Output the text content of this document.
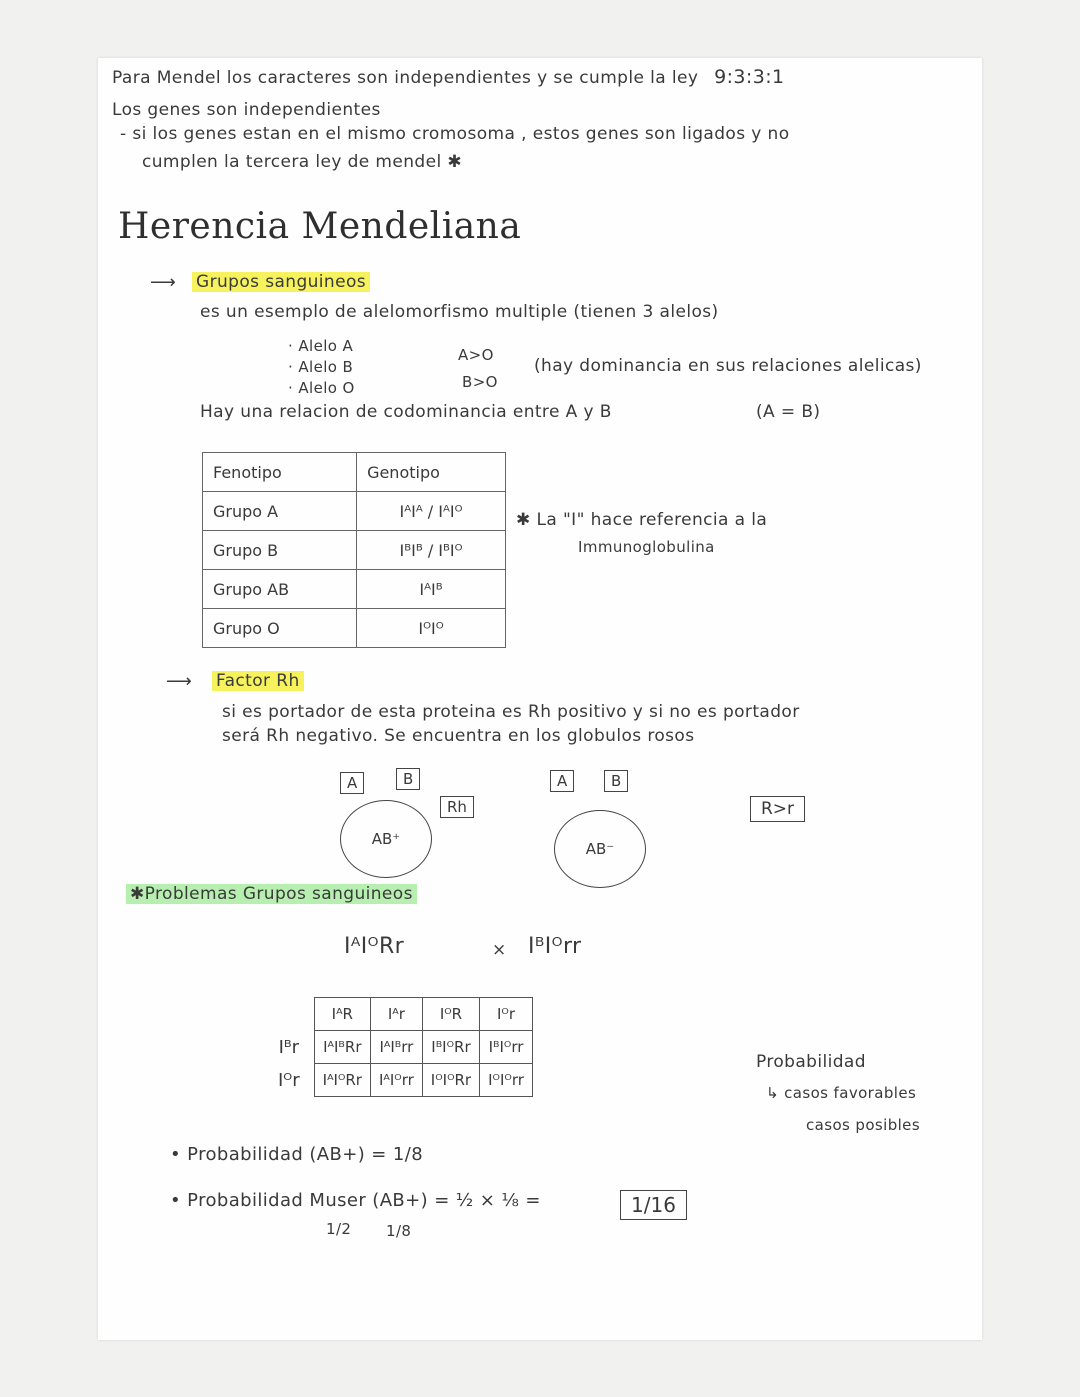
Para Mendel los caracteres son independientes y se cumple la ley 9:3:3:1
Los genes son independientes
- si los genes estan en el mismo cromosoma , estos genes son ligados y no
cumplen la tercera ley de mendel ✱
Herencia Mendeliana
⟶ Grupos sanguineos
es un esemplo de alelomorfismo multiple (tienen 3 alelos)
· Alelo A
· Alelo B
· Alelo O
A>O
B>O
(hay dominancia en sus relaciones alelicas)
Hay una relacion de codominancia entre A y B	(A = B)
Fenotipo	Genotipo
Grupo A	IᴬIᴬ / IᴬIᴼ
Grupo B	IᴮIᴮ / IᴮIᴼ
Grupo AB	IᴬIᴮ
Grupo O	IᴼIᴼ
✱ La "I" hace referencia a la
Immunoglobulina
⟶ Factor Rh
si es portador de esta proteina es Rh positivo y si no es portador
será Rh negativo. Se encuentra en los globulos rosos
AB⁺
A	B
Rh
AB⁻
A	B
R>r
✱Problemas Grupos sanguineos
IᴬIᴼRr	× IᴮIᴼrr
	IᴬR	Iᴬr	IᴼR	Iᴼr
Iᴮr	IᴬIᴮRr	IᴬIᴮrr	IᴮIᴼRr	IᴮIᴼrr
Iᴼr	IᴬIᴼRr	IᴬIᴼrr	IᴼIᴼRr	IᴼIᴼrr
Probabilidad
↳ casos favorables
casos posibles
• Probabilidad (AB+) = 1/8
• Probabilidad Muser (AB+) = ½ × ⅛ =
1/2 1/8
1/16
